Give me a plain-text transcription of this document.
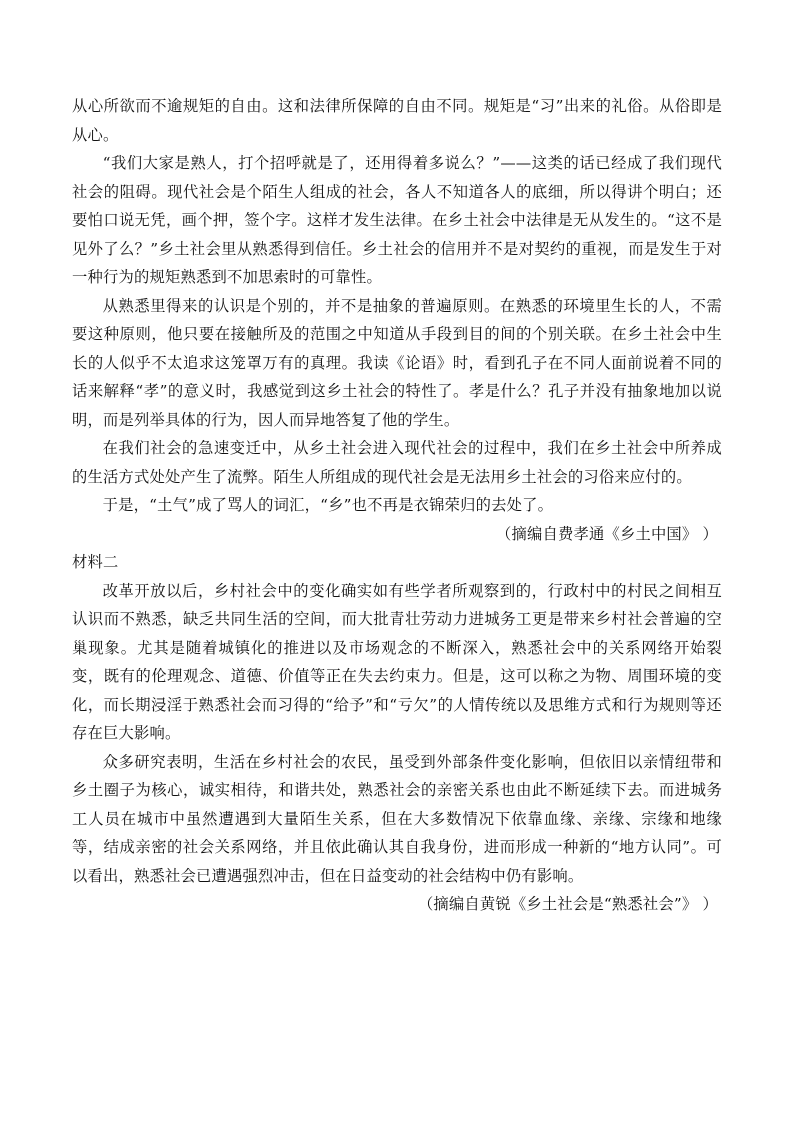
从心所欲而不逾规矩的自由。这和法律所保障的自由不同。规矩是“习”出来的礼俗。从俗即是从心。

“我们大家是熟人，打个招呼就是了，还用得着多说么？”——这类的话已经成了我们现代社会的阻碍。现代社会是个陌生人组成的社会，各人不知道各人的底细，所以得讲个明白；还要怕口说无凭，画个押，签个字。这样才发生法律。在乡土社会中法律是无从发生的。“这不是见外了么？”乡土社会里从熟悉得到信任。乡土社会的信用并不是对契约的重视，而是发生于对一种行为的规矩熟悉到不加思索时的可靠性。

从熟悉里得来的认识是个别的，并不是抽象的普遍原则。在熟悉的环境里生长的人，不需要这种原则，他只要在接触所及的范围之中知道从手段到目的间的个别关联。在乡土社会中生长的人似乎不太追求这笼罩万有的真理。我读《论语》时，看到孔子在不同人面前说着不同的话来解释“孝”的意义时，我感觉到这乡土社会的特性了。孝是什么？孔子并没有抽象地加以说明，而是列举具体的行为，因人而异地答复了他的学生。

在我们社会的急速变迁中，从乡土社会进入现代社会的过程中，我们在乡土社会中所养成的生活方式处处产生了流弊。陌生人所组成的现代社会是无法用乡土社会的习俗来应付的。

于是，“土气”成了骂人的词汇，“乡”也不再是衣锦荣归的去处了。

（摘编自费孝通《乡土中国》 ）

材料二

改革开放以后，乡村社会中的变化确实如有些学者所观察到的，行政村中的村民之间相互认识而不熟悉，缺乏共同生活的空间，而大批青壮劳动力进城务工更是带来乡村社会普遍的空巢现象。尤其是随着城镇化的推进以及市场观念的不断深入，熟悉社会中的关系网络开始裂变，既有的伦理观念、道德、价值等正在失去约束力。但是，这可以称之为物、周围环境的变化，而长期浸淫于熟悉社会而习得的“给予”和“亏欠”的人情传统以及思维方式和行为规则等还存在巨大影响。

众多研究表明，生活在乡村社会的农民，虽受到外部条件变化影响，但依旧以亲情纽带和乡土圈子为核心，诚实相待，和谐共处，熟悉社会的亲密关系也由此不断延续下去。而进城务工人员在城市中虽然遭遇到大量陌生关系，但在大多数情况下依靠血缘、亲缘、宗缘和地缘等，结成亲密的社会关系网络，并且依此确认其自我身份，进而形成一种新的“地方认同”。可以看出，熟悉社会已遭遇强烈冲击，但在日益变动的社会结构中仍有影响。

（摘编自黄锐《乡土社会是“熟悉社会”》 ）
